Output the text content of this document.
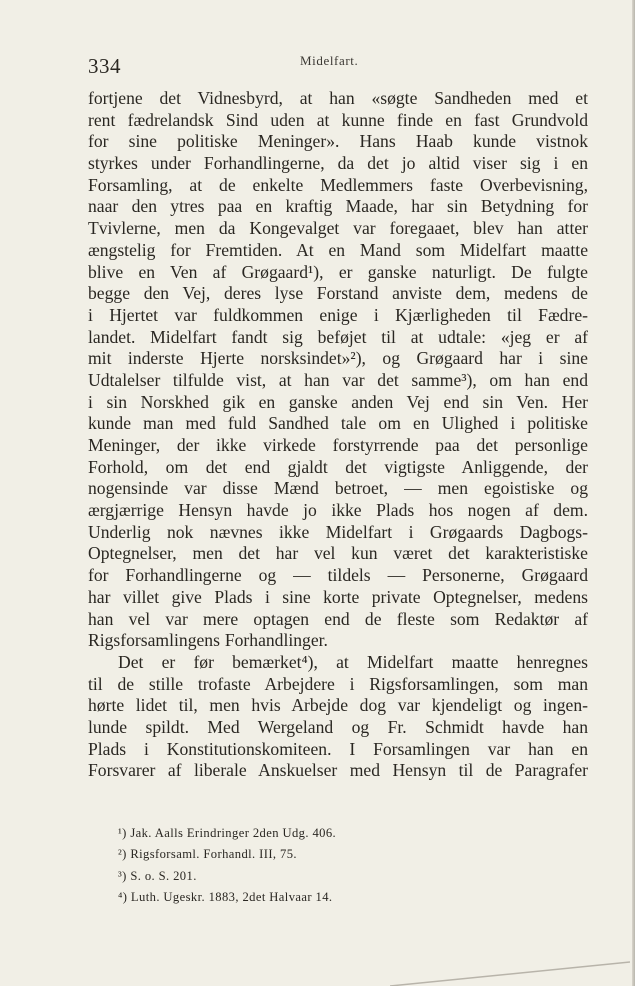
334	Midelfart.
fortjene det Vidnesbyrd, at han «søgte Sandheden med et
rent fædrelandsk Sind uden at kunne finde en fast Grundvold
for sine politiske Meninger». Hans Haab kunde vistnok
styrkes under Forhandlingerne, da det jo altid viser sig i en
Forsamling, at de enkelte Medlemmers faste Overbevisning,
naar den ytres paa en kraftig Maade, har sin Betydning for
Tvivlerne, men da Kongevalget var foregaaet, blev han atter
ængstelig for Fremtiden. At en Mand som Midelfart maatte
blive en Ven af Grøgaard¹), er ganske naturligt. De fulgte
begge den Vej, deres lyse Forstand anviste dem, medens de
i Hjertet var fuldkommen enige i Kjærligheden til Fædre-
landet. Midelfart fandt sig beføjet til at udtale: «jeg er af
mit inderste Hjerte norsksindet»²), og Grøgaard har i sine
Udtalelser tilfulde vist, at han var det samme³), om han end
i sin Norskhed gik en ganske anden Vej end sin Ven. Her
kunde man med fuld Sandhed tale om en Ulighed i politiske
Meninger, der ikke virkede forstyrrende paa det personlige
Forhold, om det end gjaldt det vigtigste Anliggende, der
nogensinde var disse Mænd betroet, — men egoistiske og
ærgjærrige Hensyn havde jo ikke Plads hos nogen af dem.
Underlig nok nævnes ikke Midelfart i Grøgaards Dagbogs-
Optegnelser, men det har vel kun været det karakteristiske
for Forhandlingerne og — tildels — Personerne, Grøgaard
har villet give Plads i sine korte private Optegnelser, medens
han vel var mere optagen end de fleste som Redaktør af
Rigsforsamlingens Forhandlinger.
Det er før bemærket⁴), at Midelfart maatte henregnes
til de stille trofaste Arbejdere i Rigsforsamlingen, som man
hørte lidet til, men hvis Arbejde dog var kjendeligt og ingen-
lunde spildt. Med Wergeland og Fr. Schmidt havde han
Plads i Konstitutionskomiteen. I Forsamlingen var han en
Forsvarer af liberale Anskuelser med Hensyn til de Paragrafer
¹) Jak. Aalls Erindringer 2den Udg. 406.
²) Rigsforsaml. Forhandl. III, 75.
³) S. o. S. 201.
⁴) Luth. Ugeskr. 1883, 2det Halvaar 14.
